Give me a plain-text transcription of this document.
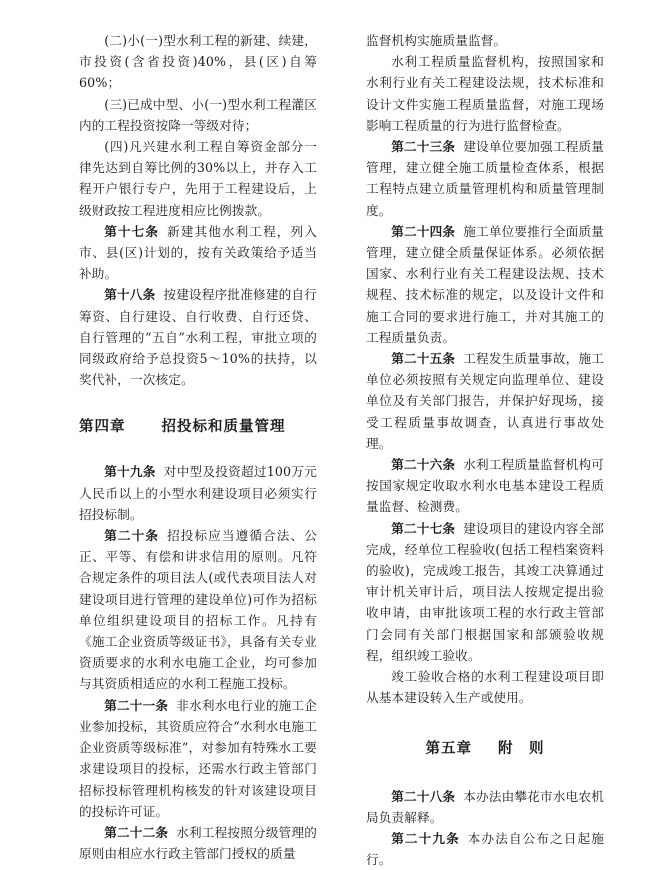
(二)小(一)型水利工程的新建、续建，市投资(含省投资)40%，县(区)自筹60%；

(三)已成中型、小(一)型水利工程灌区内的工程投资按降一等级对待；

(四)凡兴建水利工程自筹资金部分一律先达到自筹比例的30%以上，并存入工程开户银行专户，先用于工程建设后，上级财政按工程进度相应比例拨款。

第十七条 新建其他水利工程，列入市、县(区)计划的，按有关政策给予适当补助。

第十八条 按建设程序批准修建的自行筹资、自行建设、自行收费、自行还贷、自行管理的“五自”水利工程，审批立项的同级政府给予总投资5～10%的扶持，以奖代补，一次核定。

第四章 招投标和质量管理

第十九条 对中型及投资超过100万元人民币以上的小型水利建设项目必须实行招投标制。

第二十条 招投标应当遵循合法、公正、平等、有偿和讲求信用的原则。凡符合规定条件的项目法人(或代表项目法人对建设项目进行管理的建设单位)可作为招标单位组织建设项目的招标工作。凡持有《施工企业资质等级证书》，具备有关专业资质要求的水利水电施工企业，均可参加与其资质相适应的水利工程施工投标。

第二十一条 非水利水电行业的施工企业参加投标，其资质应符合“水利水电施工企业资质等级标准”，对参加有特殊水工要求建设项目的投标，还需水行政主管部门招标投标管理机构核发的针对该建设项目的投标许可证。

第二十二条 水利工程按照分级管理的原则由相应水行政主管部门授权的质量

监督机构实施质量监督。

水利工程质量监督机构，按照国家和水利行业有关工程建设法规，技术标准和设计文件实施工程质量监督，对施工现场影响工程质量的行为进行监督检查。

第二十三条 建设单位要加强工程质量管理，建立健全施工质量检查体系，根据工程特点建立质量管理机构和质量管理制度。

第二十四条 施工单位要推行全面质量管理，建立健全质量保证体系。必须依据国家、水利行业有关工程建设法规、技术规程、技术标准的规定，以及设计文件和施工合同的要求进行施工，并对其施工的工程质量负责。

第二十五条 工程发生质量事故，施工单位必须按照有关规定向监理单位、建设单位及有关部门报告，并保护好现场，接受工程质量事故调查，认真进行事故处理。

第二十六条 水利工程质量监督机构可按国家规定收取水利水电基本建设工程质量监督、检测费。

第二十七条 建设项目的建设内容全部完成，经单位工程验收(包括工程档案资料的验收)，完成竣工报告，其竣工决算通过审计机关审计后，项目法人按规定提出验收申请，由审批该项工程的水行政主管部门会同有关部门根据国家和部颁验收规程，组织竣工验收。

竣工验收合格的水利工程建设项目即从基本建设转入生产或使用。

第五章 附　则

第二十八条 本办法由攀花市水电农机局负责解释。

第二十九条 本办法自公布之日起施行。
